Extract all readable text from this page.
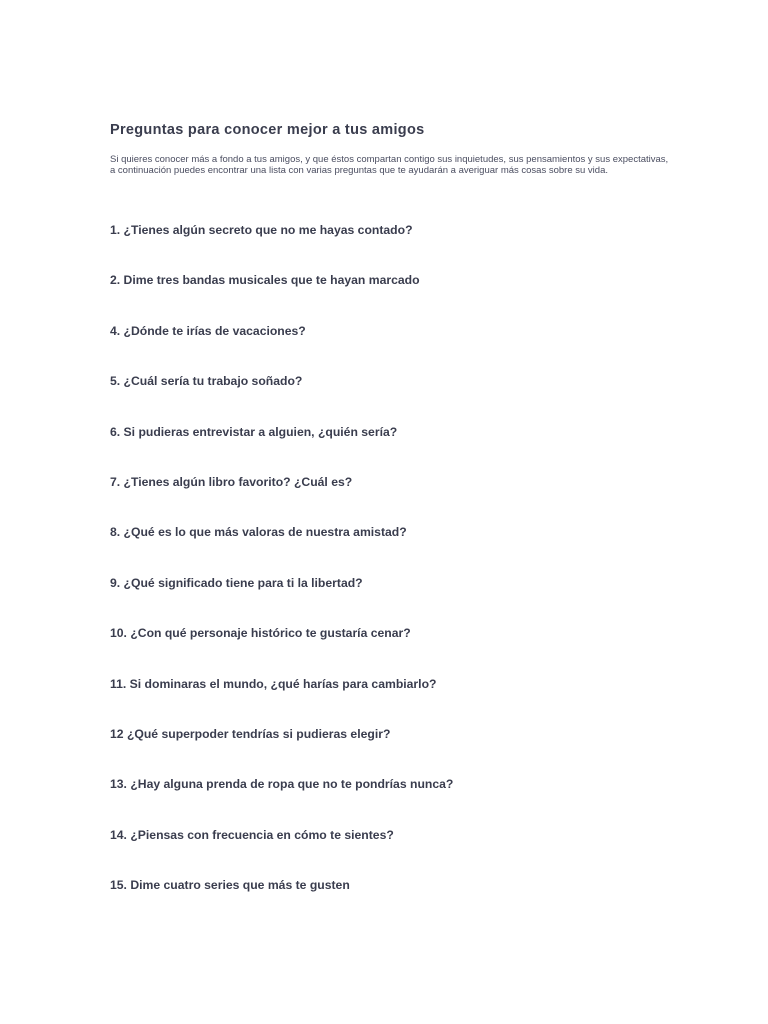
Preguntas para conocer mejor a tus amigos

Si quieres conocer más a fondo a tus amigos, y que éstos compartan contigo sus inquietudes, sus pensamientos y sus expectativas, a continuación puedes encontrar una lista con varias preguntas que te ayudarán a averiguar más cosas sobre su vida.

1. ¿Tienes algún secreto que no me hayas contado?
2. Dime tres bandas musicales que te hayan marcado
4. ¿Dónde te irías de vacaciones?
5. ¿Cuál sería tu trabajo soñado?
6. Si pudieras entrevistar a alguien, ¿quién sería?
7. ¿Tienes algún libro favorito? ¿Cuál es?
8. ¿Qué es lo que más valoras de nuestra amistad?
9. ¿Qué significado tiene para ti la libertad?
10. ¿Con qué personaje histórico te gustaría cenar?
11. Si dominaras el mundo, ¿qué harías para cambiarlo?
12 ¿Qué superpoder tendrías si pudieras elegir?
13. ¿Hay alguna prenda de ropa que no te pondrías nunca?
14. ¿Piensas con frecuencia en cómo te sientes?
15. Dime cuatro series que más te gusten
